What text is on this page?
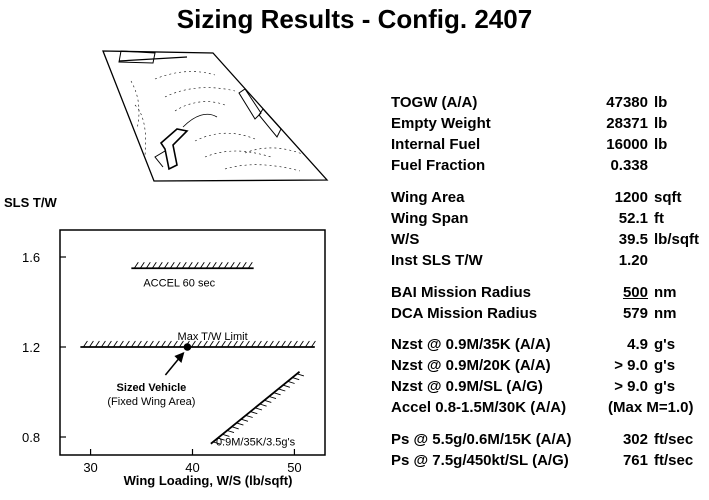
Sizing Results - Config. 2407
SLS T/W
0.8
1.2
1.6
30	40	50
ACCEL 60 sec
Max T/W Limit
0.9M/35K/3.5g's
Sized Vehicle
(Fixed Wing Area)
Wing Loading, W/S (lb/sqft)
TOGW (A/A)	47380 lb
Empty Weight	28371 lb
Internal Fuel	16000 lb
Fuel Fraction	0.338
Wing Area	1200 sqft
Wing Span	52.1 ft
W/S	39.5 lb/sqft
Inst SLS T/W	1.20
BAI Mission Radius	500 nm
DCA Mission Radius	579 nm
Nzst @ 0.9M/35K (A/A)	4.9 g's
Nzst @ 0.9M/20K (A/A)	> 9.0 g's
Nzst @ 0.9M/SL (A/G)	> 9.0 g's
Accel 0.8-1.5M/30K (A/A)	(Max M=1.0)
Ps @ 5.5g/0.6M/15K (A/A)	302 ft/sec
Ps @ 7.5g/450kt/SL (A/G)	761 ft/sec
